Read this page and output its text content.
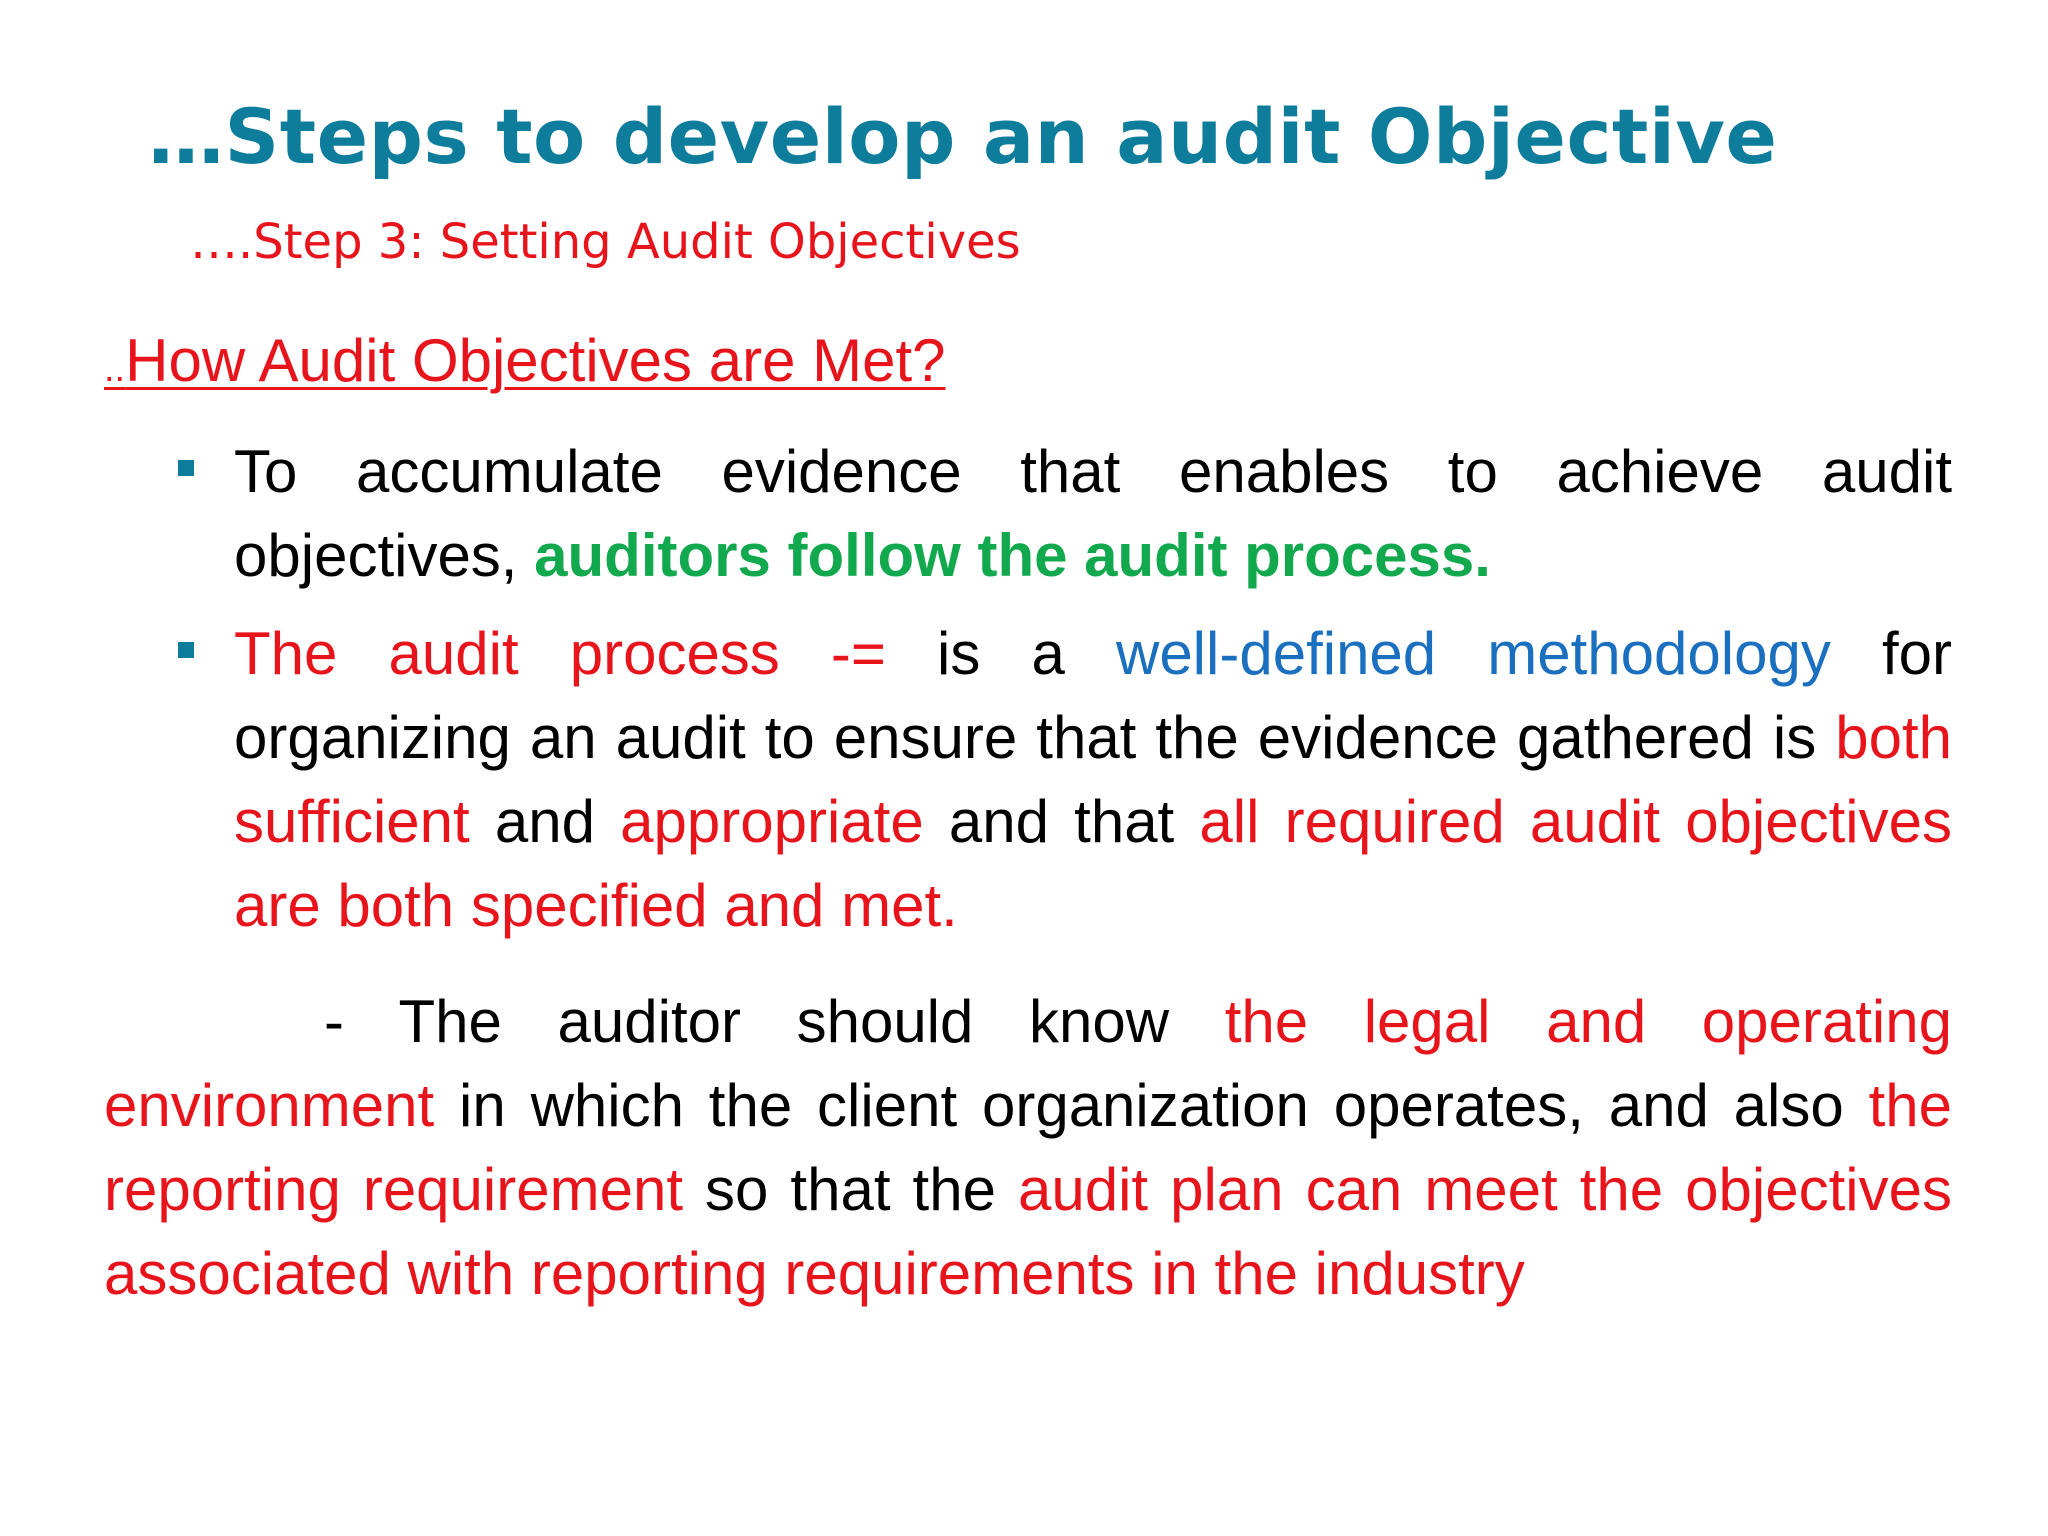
…Steps to develop an audit Objective

….Step 3: Setting Audit Objectives

..How Audit Objectives are Met?

To accumulate evidence that enables to achieve audit objectives, auditors follow the audit process.
The audit process -= is a well-defined methodology for organizing an audit to ensure that the evidence gathered is both sufficient and appropriate and that all required audit objectives are both specified and met.

- The auditor should know the legal and operating environment in which the client organization operates, and also the reporting requirement so that the audit plan can meet the objectives associated with reporting requirements in the industry
